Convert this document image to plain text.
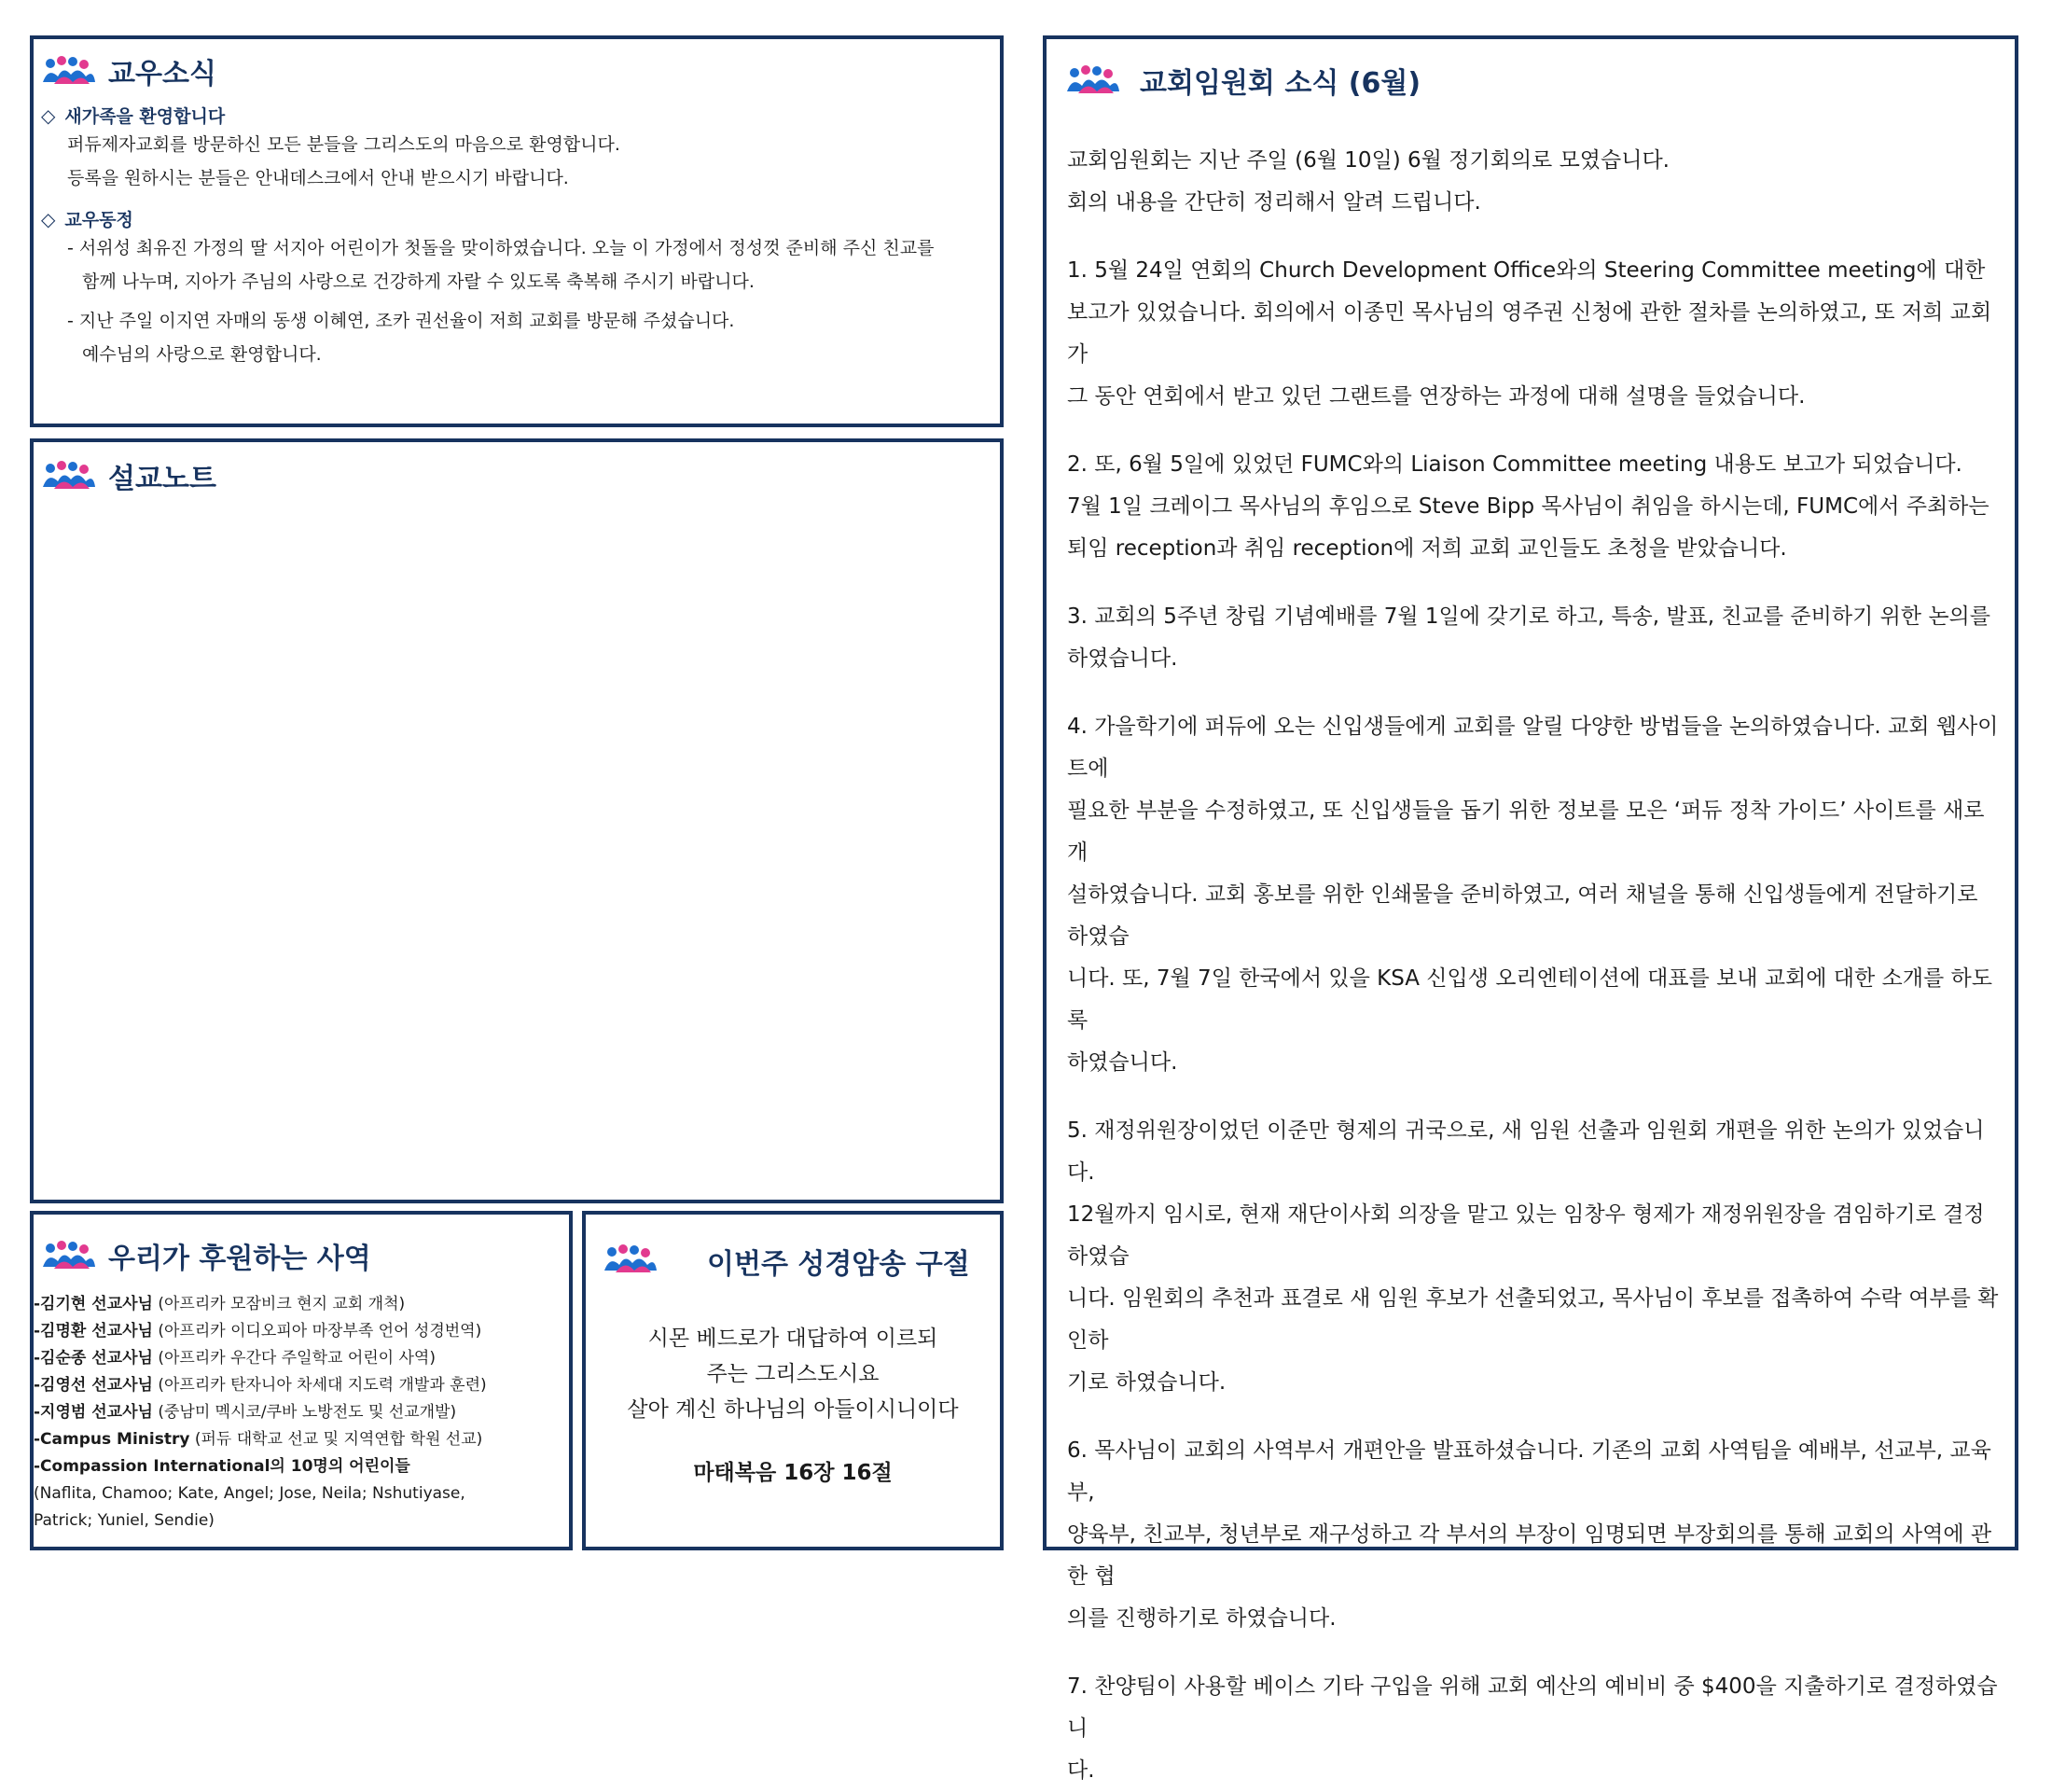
교우소식
◇ 새가족을 환영합니다
퍼듀제자교회를 방문하신 모든 분들을 그리스도의 마음으로 환영합니다.
등록을 원하시는 분들은 안내데스크에서 안내 받으시기 바랍니다.
◇ 교우동정
- 서위성 최유진 가정의 딸 서지아 어린이가 첫돌을 맞이하였습니다. 오늘 이 가정에서 정성껏 준비해 주신 친교를
함께 나누며, 지아가 주님의 사랑으로 건강하게 자랄 수 있도록 축복해 주시기 바랍니다.
- 지난 주일 이지연 자매의 동생 이혜연, 조카 권선율이 저희 교회를 방문해 주셨습니다.
예수님의 사랑으로 환영합니다.
설교노트
우리가 후원하는 사역
-김기현 선교사님 (아프리카 모잠비크 현지 교회 개척)
-김명환 선교사님 (아프리카 이디오피아 마장부족 언어 성경번역)
-김순종 선교사님 (아프리카 우간다 주일학교 어린이 사역)
-김영선 선교사님 (아프리카 탄자니아 차세대 지도력 개발과 훈련)
-지영범 선교사님 (중남미 멕시코/쿠바 노방전도 및 선교개발)
-Campus Ministry (퍼듀 대학교 선교 및 지역연합 학원 선교)
-Compassion International의 10명의 어린이들
(Naflita, Chamoo; Kate, Angel; Jose, Neila; Nshutiyase,
Patrick; Yuniel, Sendie)
이번주 성경암송 구절
시몬 베드로가 대답하여 이르되
주는 그리스도시요
살아 계신 하나님의 아들이시니이다
마태복음 16장 16절
교회임원회 소식 (6월)

교회임원회는 지난 주일 (6월 10일) 6월 정기회의로 모였습니다.

회의 내용을 간단히 정리해서 알려 드립니다.

1. 5월 24일 연회의 Church Development Office와의 Steering Committee meeting에 대한

보고가 있었습니다. 회의에서 이종민 목사님의 영주권 신청에 관한 절차를 논의하였고, 또 저희 교회가

그 동안 연회에서 받고 있던 그랜트를 연장하는 과정에 대해 설명을 들었습니다.

2. 또, 6월 5일에 있었던 FUMC와의 Liaison Committee meeting 내용도 보고가 되었습니다.

7월 1일 크레이그 목사님의 후임으로 Steve Bipp 목사님이 취임을 하시는데, FUMC에서 주최하는

퇴임 reception과 취임 reception에 저희 교회 교인들도 초청을 받았습니다.

3. 교회의 5주년 창립 기념예배를 7월 1일에 갖기로 하고, 특송, 발표, 친교를 준비하기 위한 논의를

하였습니다.

4. 가을학기에 퍼듀에 오는 신입생들에게 교회를 알릴 다양한 방법들을 논의하였습니다. 교회 웹사이트에

필요한 부분을 수정하였고, 또 신입생들을 돕기 위한 정보를 모은 ‘퍼듀 정착 가이드’ 사이트를 새로 개

설하였습니다. 교회 홍보를 위한 인쇄물을 준비하였고, 여러 채널을 통해 신입생들에게 전달하기로 하였습

니다. 또, 7월 7일 한국에서 있을 KSA 신입생 오리엔테이션에 대표를 보내 교회에 대한 소개를 하도록

하였습니다.

5. 재정위원장이었던 이준만 형제의 귀국으로, 새 임원 선출과 임원회 개편을 위한 논의가 있었습니다.

12월까지 임시로, 현재 재단이사회 의장을 맡고 있는 임창우 형제가 재정위원장을 겸임하기로 결정하였습

니다. 임원회의 추천과 표결로 새 임원 후보가 선출되었고, 목사님이 후보를 접촉하여 수락 여부를 확인하

기로 하였습니다.

6. 목사님이 교회의 사역부서 개편안을 발표하셨습니다. 기존의 교회 사역팀을 예배부, 선교부, 교육부,

양육부, 친교부, 청년부로 재구성하고 각 부서의 부장이 임명되면 부장회의를 통해 교회의 사역에 관한 협

의를 진행하기로 하였습니다.

7. 찬양팀이 사용할 베이스 기타 구입을 위해 교회 예산의 예비비 중 $400을 지출하기로 결정하였습니

다.
